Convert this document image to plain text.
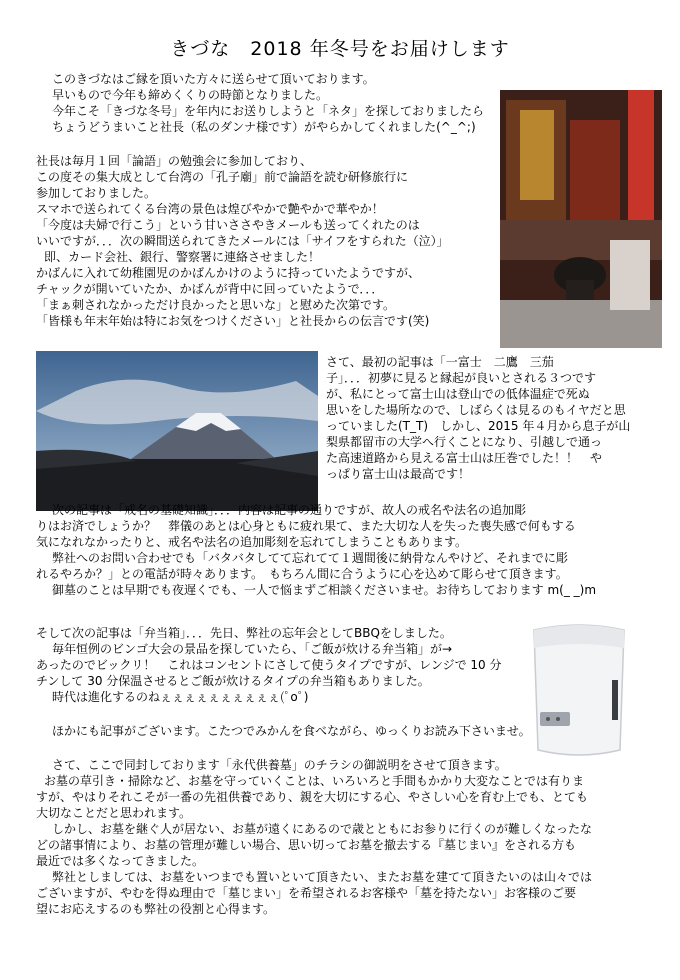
きづな　2018 年冬号をお届けします
このきづなはご縁を頂いた方々に送らせて頂いております。
早いもので今年も締めくくりの時節となりました。
今年こそ「きづな冬号」を年内にお送りしようと「ネタ」を探しておりましたら
ちょうどうまいこと社長（私のダンナ様です）がやらかしてくれました(^_^;)
社長は毎月１回「論語」の勉強会に参加しており、
この度その集大成として台湾の「孔子廟」前で論語を読む研修旅行に
参加しておりました。
スマホで送られてくる台湾の景色は煌びやかで艶やかで華やか！
「今度は夫婦で行こう」という甘いささやきメールも送ってくれたのは
いいですが．．．次の瞬間送られてきたメールには「サイフをすられた（泣）」
即、カード会社、銀行、警察署に連絡させました！
かばんに入れて幼稚園児のかばんかけのように持っていたようですが、
チャックが開いていたか、かばんが背中に回っていたようで．．．
「まぁ刺されなかっただけ良かったと思いな」と慰めた次第です。
「皆様も年末年始は特にお気をつけください」と社長からの伝言です(笑)
さて、最初の記事は「一富士　二鷹　三茄
子」．．．初夢に見ると縁起が良いとされる３つです
が、私にとって富士山は登山での低体温症で死ぬ
思いをした場所なので、しばらくは見るのもイヤだと思
っていました(T_T)　しかし、2015 年４月から息子が山
梨県都留市の大学へ行くことになり、引越しで通っ
た高速道路から見える富士山は圧巻でした！！　や
っぱり富士山は最高です！
次の記事は「戒名の基礎知識」．．．内容は記事の通りですが、故人の戒名や法名の追加彫
りはお済でしょうか？　葬儀のあとは心身ともに疲れ果て、また大切な人を失った喪失感で何もする
気になれなかったりと、戒名や法名の追加彫刻を忘れてしまうこともあります。
弊社へのお問い合わせでも「バタバタしてて忘れてて１週間後に納骨なんやけど、それまでに彫
れるやろか？」との電話が時々あります。　もちろん間に合うように心を込めて彫らせて頂きます。
御墓のことは早期でも夜遅くでも、一人で悩まずご相談くださいませ。お待ちしております m(_ _)m
そして次の記事は「弁当箱」．．．先日、弊社の忘年会としてBBQをしました。
毎年恒例のビンゴ大会の景品を探していたら、「ご飯が炊ける弁当箱」が→
あったのでビックリ！　これはコンセントにさして使うタイプですが、レンジで 10 分
チンして 30 分保温させるとご飯が炊けるタイプの弁当箱もありました。
時代は進化するのねぇぇぇぇぇぇぇぇぇぇ(ﾟoﾟ)
ほかにも記事がございます。こたつでみかんを食べながら、ゆっくりお読み下さいませ。
さて、ここで同封しております「永代供養墓」のチラシの御説明をさせて頂きます。
お墓の草引き・掃除など、お墓を守っていくことは、いろいろと手間もかかり大変なことでは有りま
すが、やはりそれこそが一番の先祖供養であり、親を大切にする心、やさしい心を育む上でも、とても
大切なことだと思われます。
しかし、お墓を継ぐ人が居ない、お墓が遠くにあるので歳とともにお参りに行くのが難しくなったな
どの諸事情により、お墓の管理が難しい場合、思い切ってお墓を撤去する『墓じまい』をされる方も
最近では多くなってきました。
弊社としましては、お墓をいつまでも置いといて頂きたい、またお墓を建てて頂きたいのは山々では
ございますが、やむを得ぬ理由で「墓じまい」を希望されるお客様や「墓を持たない」お客様のご要
望にお応えするのも弊社の役割と心得ます。
